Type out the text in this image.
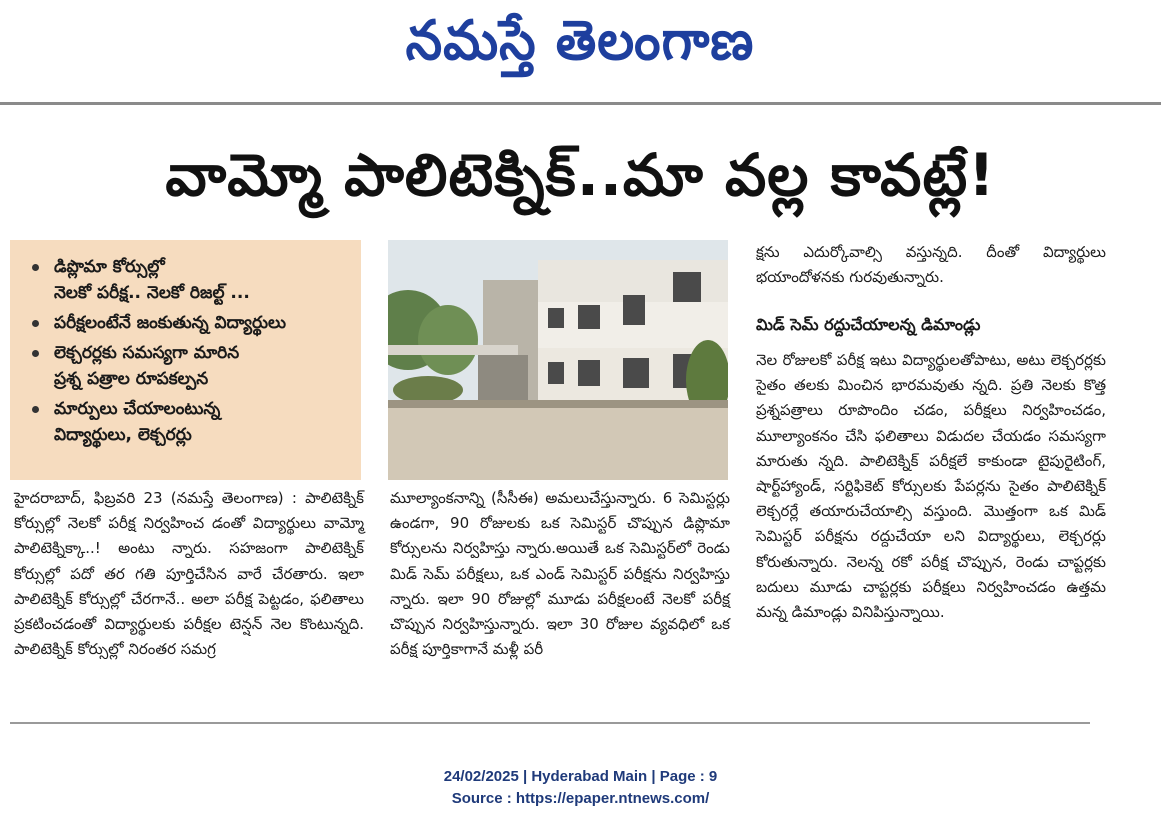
నమస్తే తెలంగాణ
వామ్మో పాలిటెక్నిక్..మా వల్ల కావట్లే!
డిప్లొమా కోర్సుల్లో
నెలకో పరీక్ష.. నెలకో రిజల్ట్ ...
పరీక్షలంటేనే జంకుతున్న విద్యార్థులు
లెక్చరర్లకు సమస్యగా మారిన
ప్రశ్న పత్రాల రూపకల్పన
మార్పులు చేయాలంటున్న
విద్యార్థులు, లెక్చరర్లు

హైదరాబాద్, ఫిబ్రవరి 23 (నమస్తే తెలంగాణ) : పాలిటెక్నిక్ కోర్సుల్లో నెలకో పరీక్ష నిర్వహించ డంతో విద్యార్థులు వామ్మో పాలిటెక్నిక్కా..! అంటు న్నారు. సహజంగా పాలిటెక్నిక్ కోర్సుల్లో పదో తర గతి పూర్తిచేసిన వారే చేరతారు. ఇలా పాలిటెక్నిక్ కోర్సుల్లో చేరగానే.. అలా పరీక్ష పెట్టడం, ఫలితాలు ప్రకటించడంతో విద్యార్థులకు పరీక్షల టెన్షన్ నెల కొంటున్నది. పాలిటెక్నిక్ కోర్సుల్లో నిరంతర సమగ్ర

మూల్యాంకనాన్ని (సీసీఈ) అమలుచేస్తున్నారు. 6 సెమిస్టర్లు ఉండగా, 90 రోజులకు ఒక సెమిస్టర్ చొప్పున డిప్లొమా కోర్సులను నిర్వహిస్తు న్నారు.అయితే ఒక సెమిస్టర్‌లో రెండు మిడ్ సెమ్ పరీక్షలు, ఒక ఎండ్ సెమిస్టర్ పరీక్షను నిర్వహిస్తు న్నారు. ఇలా 90 రోజుల్లో మూడు పరీక్షలంటే నెలకో పరీక్ష చొప్పున నిర్వహిస్తున్నారు. ఇలా 30 రోజుల వ్యవధిలో ఒక పరీక్ష పూర్తికాగానే మళ్లీ పరీ

క్షను ఎదుర్కోవాల్సి వస్తున్నది. దీంతో విద్యార్థులు భయాందోళనకు గురవుతున్నారు.

మిడ్ సెమ్ రద్దుచేయాలన్న డిమాండ్లు

నెల రోజులకో పరీక్ష ఇటు విద్యార్థులతోపాటు, అటు లెక్చరర్లకు సైతం తలకు మించిన భారమవుతు న్నది. ప్రతి నెలకు కొత్త ప్రశ్నపత్రాలు రూపొందిం చడం, పరీక్షలు నిర్వహించడం, మూల్యాంకనం చేసి ఫలితాలు విడుదల చేయడం సమస్యగా మారుతు న్నది. పాలిటెక్నిక్ పరీక్షలే కాకుండా టైపురైటింగ్, షార్ట్‌హ్యాండ్, సర్టిఫికెట్ కోర్సులకు పేపర్లను సైతం పాలిటెక్నిక్ లెక్చరర్లే తయారుచేయాల్సి వస్తుంది. మొత్తంగా ఒక మిడ్ సెమిస్టర్ పరీక్షను రద్దుచేయా లని విద్యార్థులు, లెక్చరర్లు కోరుతున్నారు. నెలన్న రకో పరీక్ష చొప్పున, రెండు చాప్టర్లకు బదులు మూడు చాప్టర్లకు పరీక్షలు నిర్వహించడం ఉత్తమ మన్న డిమాండ్లు వినిపిస్తున్నాయి.

24/02/2025 | Hyderabad Main | Page : 9
Source : https://epaper.ntnews.com/
